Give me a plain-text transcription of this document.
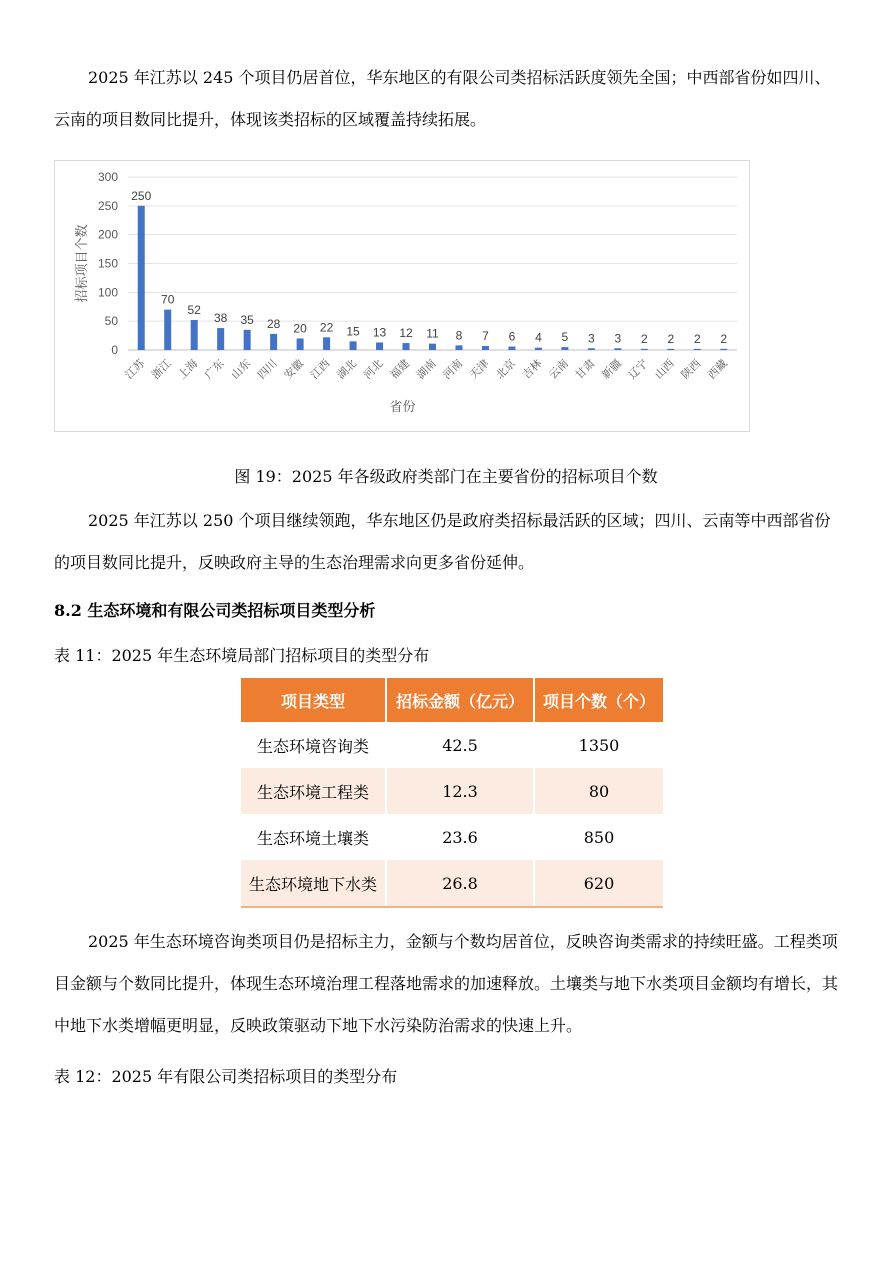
2025 年江苏以 245 个项目仍居首位，华东地区的有限公司类招标活跃度领先全国；中西部省份如四川、云南的项目数同比提升，体现该类招标的区域覆盖持续拓展。

0
50
100
150
200
250
300
250
江苏
70
浙江
52
上海
38
广东
35
山东
28
四川
20
安徽
22
江西
15
湖北
13
河北
12
福建
11
湖南
8
河南
7
天津
6
北京
4
吉林
5
云南
3
甘肃
3
新疆
2
辽宁
2
山西
2
陕西
2
西藏
省份
招标项目个数
图 19：2025 年各级政府类部门在主要省份的招标项目个数

2025 年江苏以 250 个项目继续领跑，华东地区仍是政府类招标最活跃的区域；四川、云南等中西部省份的项目数同比提升，反映政府主导的生态治理需求向更多省份延伸。

8.2 生态环境和有限公司类招标项目类型分析
表 11：2025 年生态环境局部门招标项目的类型分布
项目类型	招标金额（亿元）	项目个数（个）
生态环境咨询类	42.5	1350
生态环境工程类	12.3	80
生态环境土壤类	23.6	850
生态环境地下水类	26.8	620

2025 年生态环境咨询类项目仍是招标主力，金额与个数均居首位，反映咨询类需求的持续旺盛。工程类项目金额与个数同比提升，体现生态环境治理工程落地需求的加速释放。土壤类与地下水类项目金额均有增长，其中地下水类增幅更明显，反映政策驱动下地下水污染防治需求的快速上升。

表 12：2025 年有限公司类招标项目的类型分布
